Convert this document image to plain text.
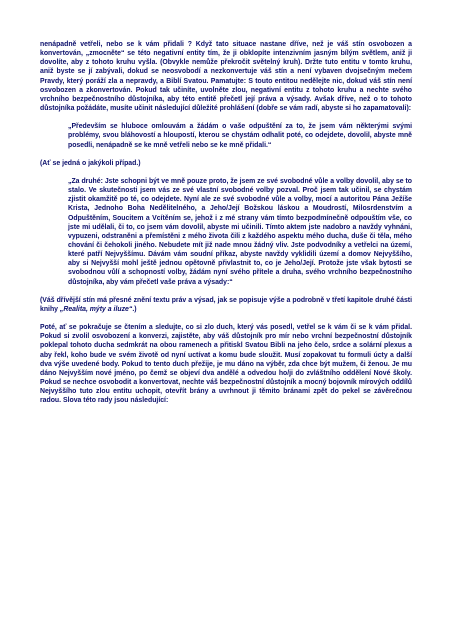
nenápadně vetřeli, nebo se k vám přidali ? Když tato situace nastane dříve, než je váš stín osvobozen a konvertován, „zmocněte“ se této negativní entity tím, že ji obklopíte intenzivním jasným bílým světlem, aniž ji dovolíte, aby z tohoto kruhu vyšla. (Obvykle nemůže překročit světelný kruh). Držte tuto entitu v tomto kruhu, aniž byste se jí zabývali, dokud se neosvobodí a nezkonvertuje váš stín a není vybaven dvojsečným mečem Pravdy, který poráží zla a nepravdy, a Biblí Svatou. Pamatujte: S touto entitou nedělejte nic, dokud váš stín není osvobozen a zkonvertován. Pokud tak učiníte, uvolněte zlou, negativní entitu z tohoto kruhu a nechte svého vrchního bezpečnostního důstojníka, aby této entitě přečetl její práva a výsady. Avšak dříve, než o to tohoto důstojníka požádáte, musíte učinit následující důležité prohlášení (dobře se vám radí, abyste si ho zapamatovali):

„Především se hluboce omlouvám a žádám o vaše odpuštění za to, že jsem vám některými svými problémy, svou bláhovostí a hloupostí, kterou se chystám odhalit poté, co odejdete, dovolil, abyste mně posedli, nenápadně se ke mně vetřeli nebo se ke mně přidali.“

(Ať se jedná o jakýkoli případ.)

„Za druhé: Jste schopni být ve mně pouze proto, že jsem ze své svobodné vůle a volby dovolil, aby se to stalo. Ve skutečnosti jsem vás ze své vlastní svobodné volby pozval. Proč jsem tak učinil, se chystám zjistit okamžitě po té, co odejdete. Nyní ale ze své svobodné vůle a volby, mocí a autoritou Pána Ježíše Krista, Jednoho Boha Nedělitelného, a Jeho/Její Božskou láskou a Moudrostí, Milosrdenstvím a Odpuštěním, Soucitem a Vcítěním se, jehož i z mé strany vám tímto bezpodmínečně odpouštím vše, co jste mi udělali, či to, co jsem vám dovolil, abyste mi učinili. Tímto aktem jste nadobro a navždy vyhnáni, vypuzeni, odstraněni a přemístěni z mého života čili z každého aspektu mého ducha, duše či těla, mého chování či čehokoli jiného. Nebudete mít již nade mnou žádný vliv. Jste podvodníky a vetřelci na území, které patří Nejvyššímu. Dávám vám soudní příkaz, abyste navždy vyklidili území a domov Nejvyššího, aby si Nejvyšší mohl ještě jednou opětovně přivlastnit to, co je Jeho/Její. Protože jste však bytosti se svobodnou vůlí a schopností volby, žádám nyní svého přítele a druha, svého vrchního bezpečnostního důstojníka, aby vám přečetl vaše práva a výsady:“

(Váš dřívější stín má přesné znění textu práv a výsad, jak se popisuje výše a podrobně v třetí kapitole druhé části knihy „Realita, mýty a iluze“.)

Poté, ať se pokračuje se čtením a sledujte, co si zlo duch, který vás posedl, vetřel se k vám či se k vám přidal. Pokud si zvolil osvobození a konverzi, zajistěte, aby váš důstojník pro mír nebo vrchní bezpečnostní důstojník poklepal tohoto ducha sedmkrát na obou ramenech a přitiskl Svatou Bibli na jeho čelo, srdce a solární plexus a aby řekl, koho bude ve svém životě od nyní uctívat a komu bude sloužit. Musí zopakovat tu formuli úcty a další dva výše uvedené body. Pokud to tento duch přežije, je mu dáno na výběr, zda chce být mužem, či ženou. Je mu dáno Nejvyšším nové jméno, po čemž se objeví dva andělé a odvedou ho/ji do zvláštního oddělení Nové školy. Pokud se nechce osvobodit a konvertovat, nechte váš bezpečnostní důstojník a mocný bojovník mírových oddílů Nejvyššího tuto zlou entitu uchopit, otevřít brány a uvrhnout ji těmito bránami zpět do pekel se závěrečnou radou. Slova této rady jsou následující:
